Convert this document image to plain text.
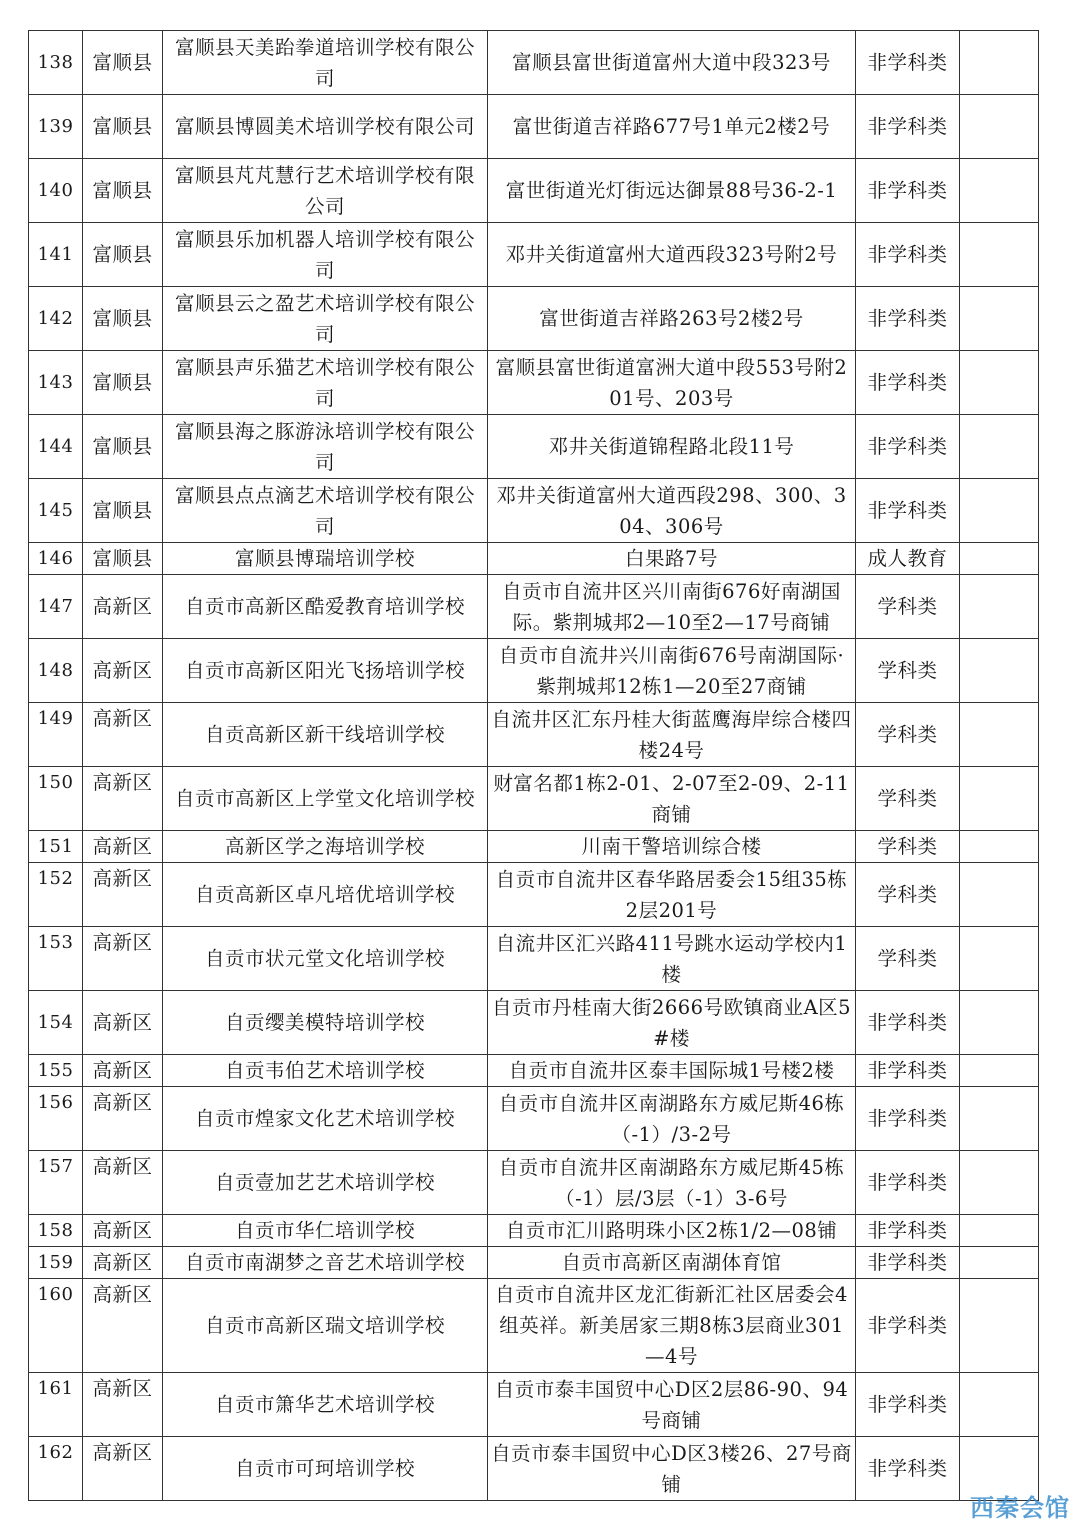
138	富顺县	富顺县天美跆拳道培训学校有限公司	富顺县富世街道富州大道中段323号	非学科类	
139	富顺县	富顺县博圆美术培训学校有限公司	富世街道吉祥路677号1单元2楼2号	非学科类	
140	富顺县	富顺县芃芃慧行艺术培训学校有限公司	富世街道光灯街远达御景88号36-2-1	非学科类	
141	富顺县	富顺县乐加机器人培训学校有限公司	邓井关街道富州大道西段323号附2号	非学科类	
142	富顺县	富顺县云之盈艺术培训学校有限公司	富世街道吉祥路263号2楼2号	非学科类	
143	富顺县	富顺县声乐猫艺术培训学校有限公司	富顺县富世街道富洲大道中段553号附201号、203号	非学科类	
144	富顺县	富顺县海之豚游泳培训学校有限公司	邓井关街道锦程路北段11号	非学科类	
145	富顺县	富顺县点点滴艺术培训学校有限公司	邓井关街道富州大道西段298、300、304、306号	非学科类	
146	富顺县	富顺县博瑞培训学校	白果路7号	成人教育	
147	高新区	自贡市高新区酷爱教育培训学校	自贡市自流井区兴川南街676好南湖国际。紫荆城邦2—10至2—17号商铺	学科类	
148	高新区	自贡市高新区阳光飞扬培训学校	自贡市自流井兴川南街676号南湖国际·紫荆城邦12栋1—20至27商铺	学科类	
149	高新区	自贡高新区新干线培训学校	自流井区汇东丹桂大街蓝鹰海岸综合楼四楼24号	学科类	
150	高新区	自贡市高新区上学堂文化培训学校	财富名都1栋2-01、2-07至2-09、2-11商铺	学科类	
151	高新区	高新区学之海培训学校	川南干警培训综合楼	学科类	
152	高新区	自贡高新区卓凡培优培训学校	自贡市自流井区春华路居委会15组35栋2层201号	学科类	
153	高新区	自贡市状元堂文化培训学校	自流井区汇兴路411号跳水运动学校内1楼	学科类	
154	高新区	自贡缨美模特培训学校	自贡市丹桂南大街2666号欧镇商业A区5#楼	非学科类	
155	高新区	自贡韦伯艺术培训学校	自贡市自流井区泰丰国际城1号楼2楼	非学科类	
156	高新区	自贡市煌家文化艺术培训学校	自贡市自流井区南湖路东方威尼斯46栋（-1）/3-2号	非学科类	
157	高新区	自贡壹加艺艺术培训学校	自贡市自流井区南湖路东方威尼斯45栋（-1）层/3层（-1）3-6号	非学科类	
158	高新区	自贡市华仁培训学校	自贡市汇川路明珠小区2栋1/2—08铺	非学科类	
159	高新区	自贡市南湖梦之音艺术培训学校	自贡市高新区南湖体育馆	非学科类	
160	高新区	自贡市高新区瑞文培训学校	自贡市自流井区龙汇街新汇社区居委会4组英祥。新美居家三期8栋3层商业301—4号	非学科类	
161	高新区	自贡市箫华艺术培训学校	自贡市泰丰国贸中心D区2层86-90、94号商铺	非学科类	
162	高新区	自贡市可珂培训学校	自贡市泰丰国贸中心D区3楼26、27号商铺	非学科类	
西秦会馆
